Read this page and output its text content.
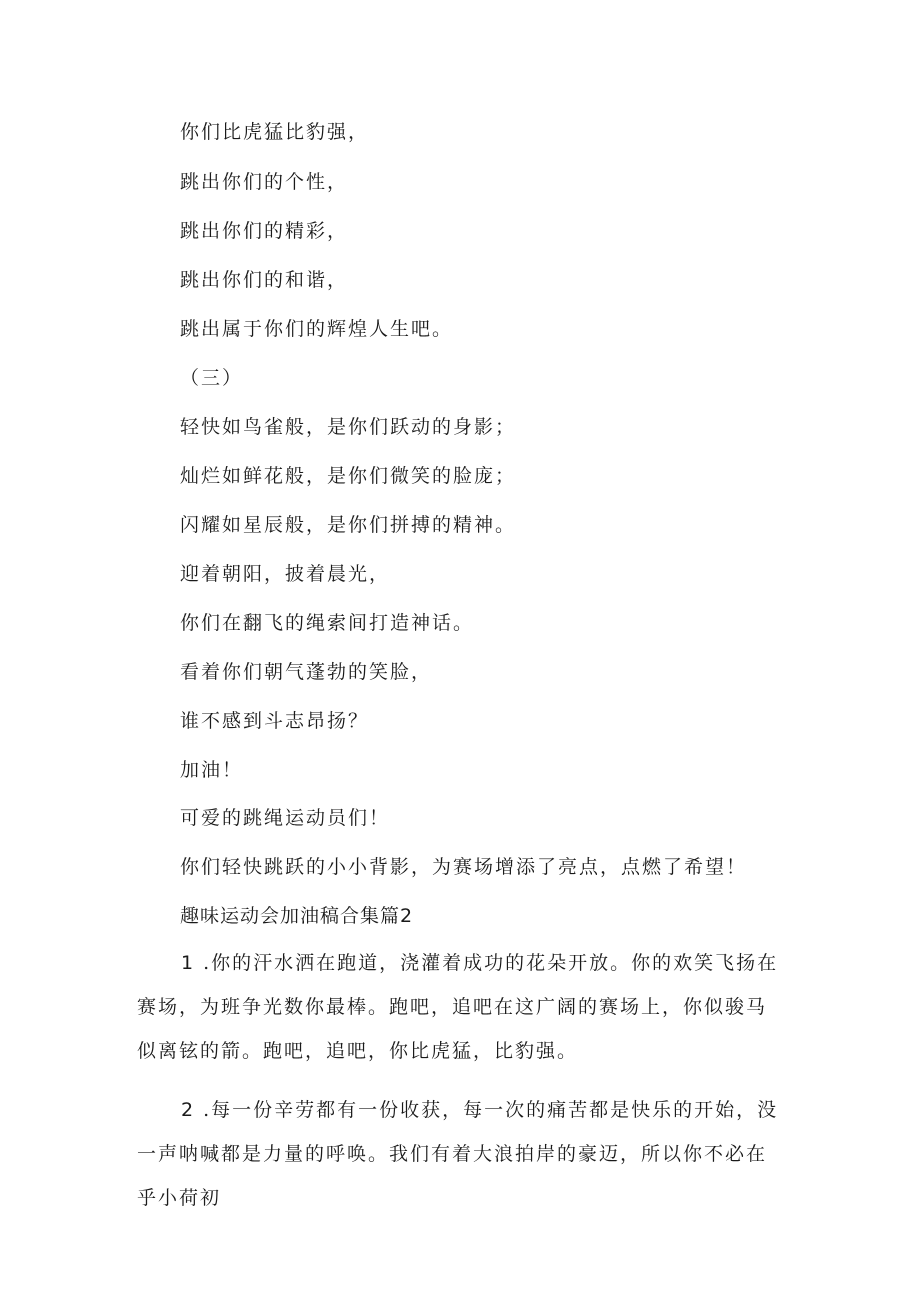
你们比虎猛比豹强，
跳出你们的个性，
跳出你们的精彩，
跳出你们的和谐，
跳出属于你们的辉煌人生吧。
（三）
轻快如鸟雀般，是你们跃动的身影；
灿烂如鲜花般，是你们微笑的脸庞；
闪耀如星辰般，是你们拼搏的精神。
迎着朝阳，披着晨光，
你们在翻飞的绳索间打造神话。
看着你们朝气蓬勃的笑脸，
谁不感到斗志昂扬？
加油！
可爱的跳绳运动员们！
你们轻快跳跃的小小背影，为赛场增添了亮点，点燃了希望！
趣味运动会加油稿合集篇2

1 .你的汗水洒在跑道，浇灌着成功的花朵开放。你的欢笑飞扬在赛场，为班争光数你最棒。跑吧，追吧在这广阔的赛场上，你似骏马似离铉的箭。跑吧，追吧，你比虎猛，比豹强。

2 .每一份辛劳都有一份收获，每一次的痛苦都是快乐的开始，没一声呐喊都是力量的呼唤。我们有着大浪拍岸的豪迈，所以你不必在乎小荷初
